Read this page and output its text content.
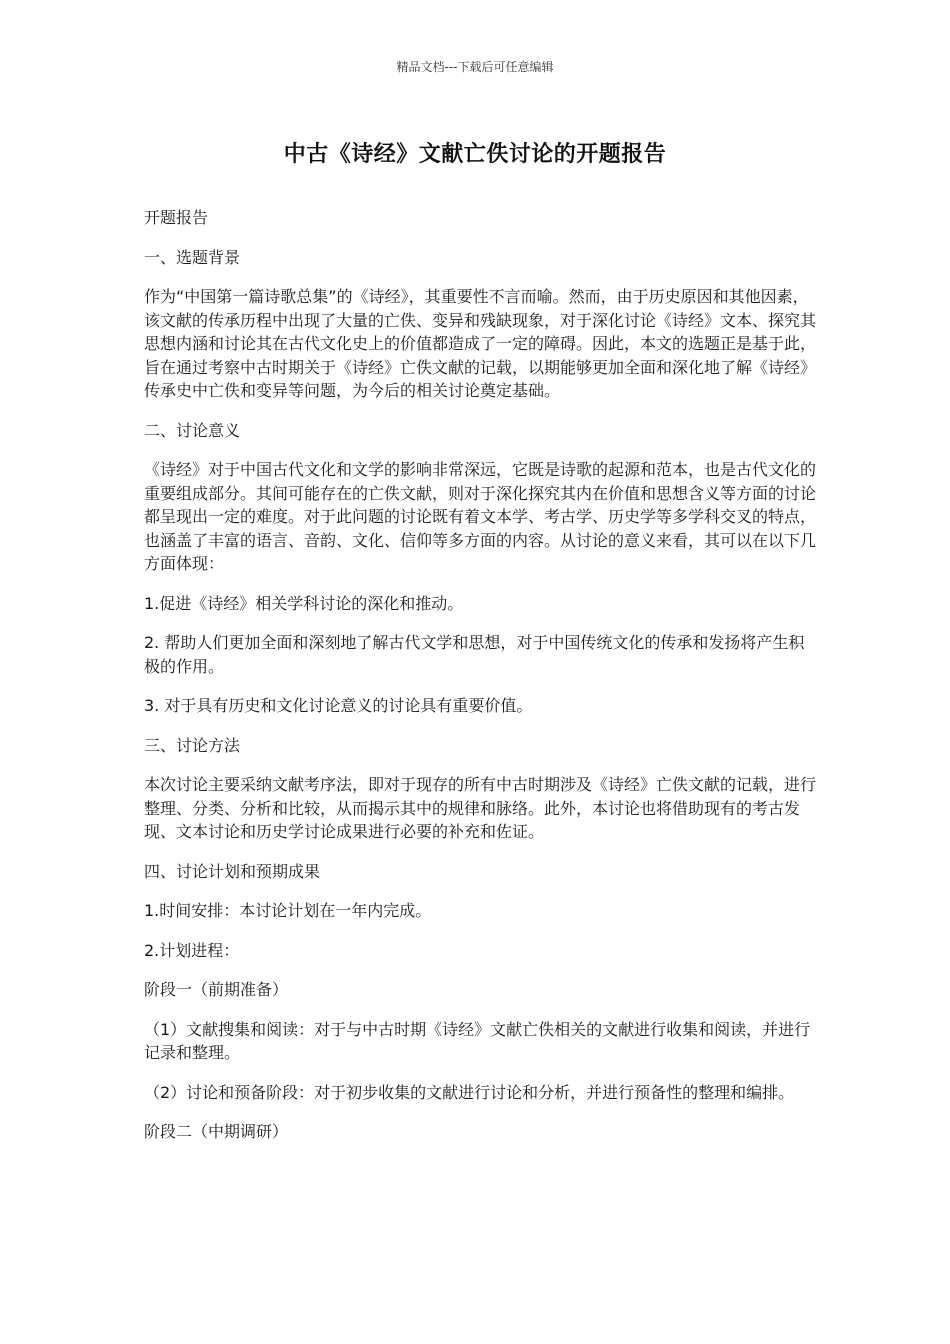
精品文档---下载后可任意编辑
中古《诗经》文献亡佚讨论的开题报告

开题报告

一、选题背景

作为“中国第一篇诗歌总集”的《诗经》，其重要性不言而喻。然而，由于历史原因和其他因素，该文献的传承历程中出现了大量的亡佚、变异和残缺现象，对于深化讨论《诗经》文本、探究其思想内涵和讨论其在古代文化史上的价值都造成了一定的障碍。因此，本文的选题正是基于此，旨在通过考察中古时期关于《诗经》亡佚文献的记载，以期能够更加全面和深化地了解《诗经》传承史中亡佚和变异等问题，为今后的相关讨论奠定基础。

二、讨论意义

《诗经》对于中国古代文化和文学的影响非常深远，它既是诗歌的起源和范本，也是古代文化的重要组成部分。其间可能存在的亡佚文献，则对于深化探究其内在价值和思想含义等方面的讨论都呈现出一定的难度。对于此问题的讨论既有着文本学、考古学、历史学等多学科交叉的特点，也涵盖了丰富的语言、音韵、文化、信仰等多方面的内容。从讨论的意义来看，其可以在以下几方面体现：

1.促进《诗经》相关学科讨论的深化和推动。

2. 帮助人们更加全面和深刻地了解古代文学和思想，对于中国传统文化的传承和发扬将产生积极的作用。

3. 对于具有历史和文化讨论意义的讨论具有重要价值。

三、讨论方法

本次讨论主要采纳文献考序法，即对于现存的所有中古时期涉及《诗经》亡佚文献的记载，进行整理、分类、分析和比较，从而揭示其中的规律和脉络。此外，本讨论也将借助现有的考古发现、文本讨论和历史学讨论成果进行必要的补充和佐证。

四、讨论计划和预期成果

1.时间安排：本讨论计划在一年内完成。

2.计划进程：

阶段一（前期准备）

（1）文献搜集和阅读：对于与中古时期《诗经》文献亡佚相关的文献进行收集和阅读，并进行记录和整理。

（2）讨论和预备阶段：对于初步收集的文献进行讨论和分析，并进行预备性的整理和编排。

阶段二（中期调研）
